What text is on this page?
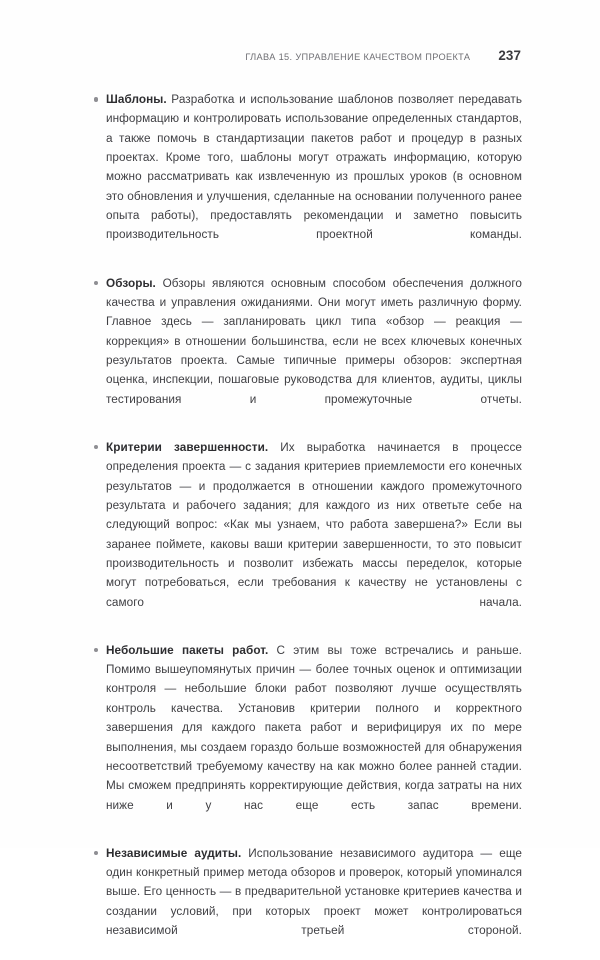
ГЛАВА 15. УПРАВЛЕНИЕ КАЧЕСТВОМ ПРОЕКТА 237
Шаблоны. Разработка и использование шаблонов позволяет передавать информацию и контролировать использование определенных стандартов, а также помочь в стандартизации пакетов работ и процедур в разных проектах. Кроме того, шаблоны могут отражать информацию, которую можно рассматривать как извлеченную из прошлых уроков (в основном это обновления и улучшения, сделанные на основании полученного ранее опыта работы), предоставлять рекомендации и заметно повысить производительность проектной команды.
Обзоры. Обзоры являются основным способом обеспечения должного качества и управления ожиданиями. Они могут иметь различную форму. Главное здесь — запланировать цикл типа «обзор — реакция — коррекция» в отношении большинства, если не всех ключевых конечных результатов проекта. Самые типичные примеры обзоров: экспертная оценка, инспекции, пошаговые руководства для клиентов, аудиты, циклы тестирования и промежуточные отчеты.
Критерии завершенности. Их выработка начинается в процессе определения проекта — с задания критериев приемлемости его конечных результатов — и продолжается в отношении каждого промежуточного результата и рабочего задания; для каждого из них ответьте себе на следующий вопрос: «Как мы узнаем, что работа завершена?» Если вы заранее поймете, каковы ваши критерии завершенности, то это повысит производительность и позволит избежать массы переделок, которые могут потребоваться, если требования к качеству не установлены с самого начала.
Небольшие пакеты работ. С этим вы тоже встречались и раньше. Помимо вышеупомянутых причин — более точных оценок и оптимизации контроля — небольшие блоки работ позволяют лучше осуществлять контроль качества. Установив критерии полного и корректного завершения для каждого пакета работ и верифицируя их по мере выполнения, мы создаем гораздо больше возможностей для обнаружения несоответствий требуемому качеству на как можно более ранней стадии. Мы сможем предпринять корректирующие действия, когда затраты на них ниже и у нас еще есть запас времени.
Независимые аудиты. Использование независимого аудитора — еще один конкретный пример метода обзоров и проверок, который упоминался выше. Его ценность — в предварительной установке критериев качества и создании условий, при которых проект может контролироваться независимой третьей стороной.
